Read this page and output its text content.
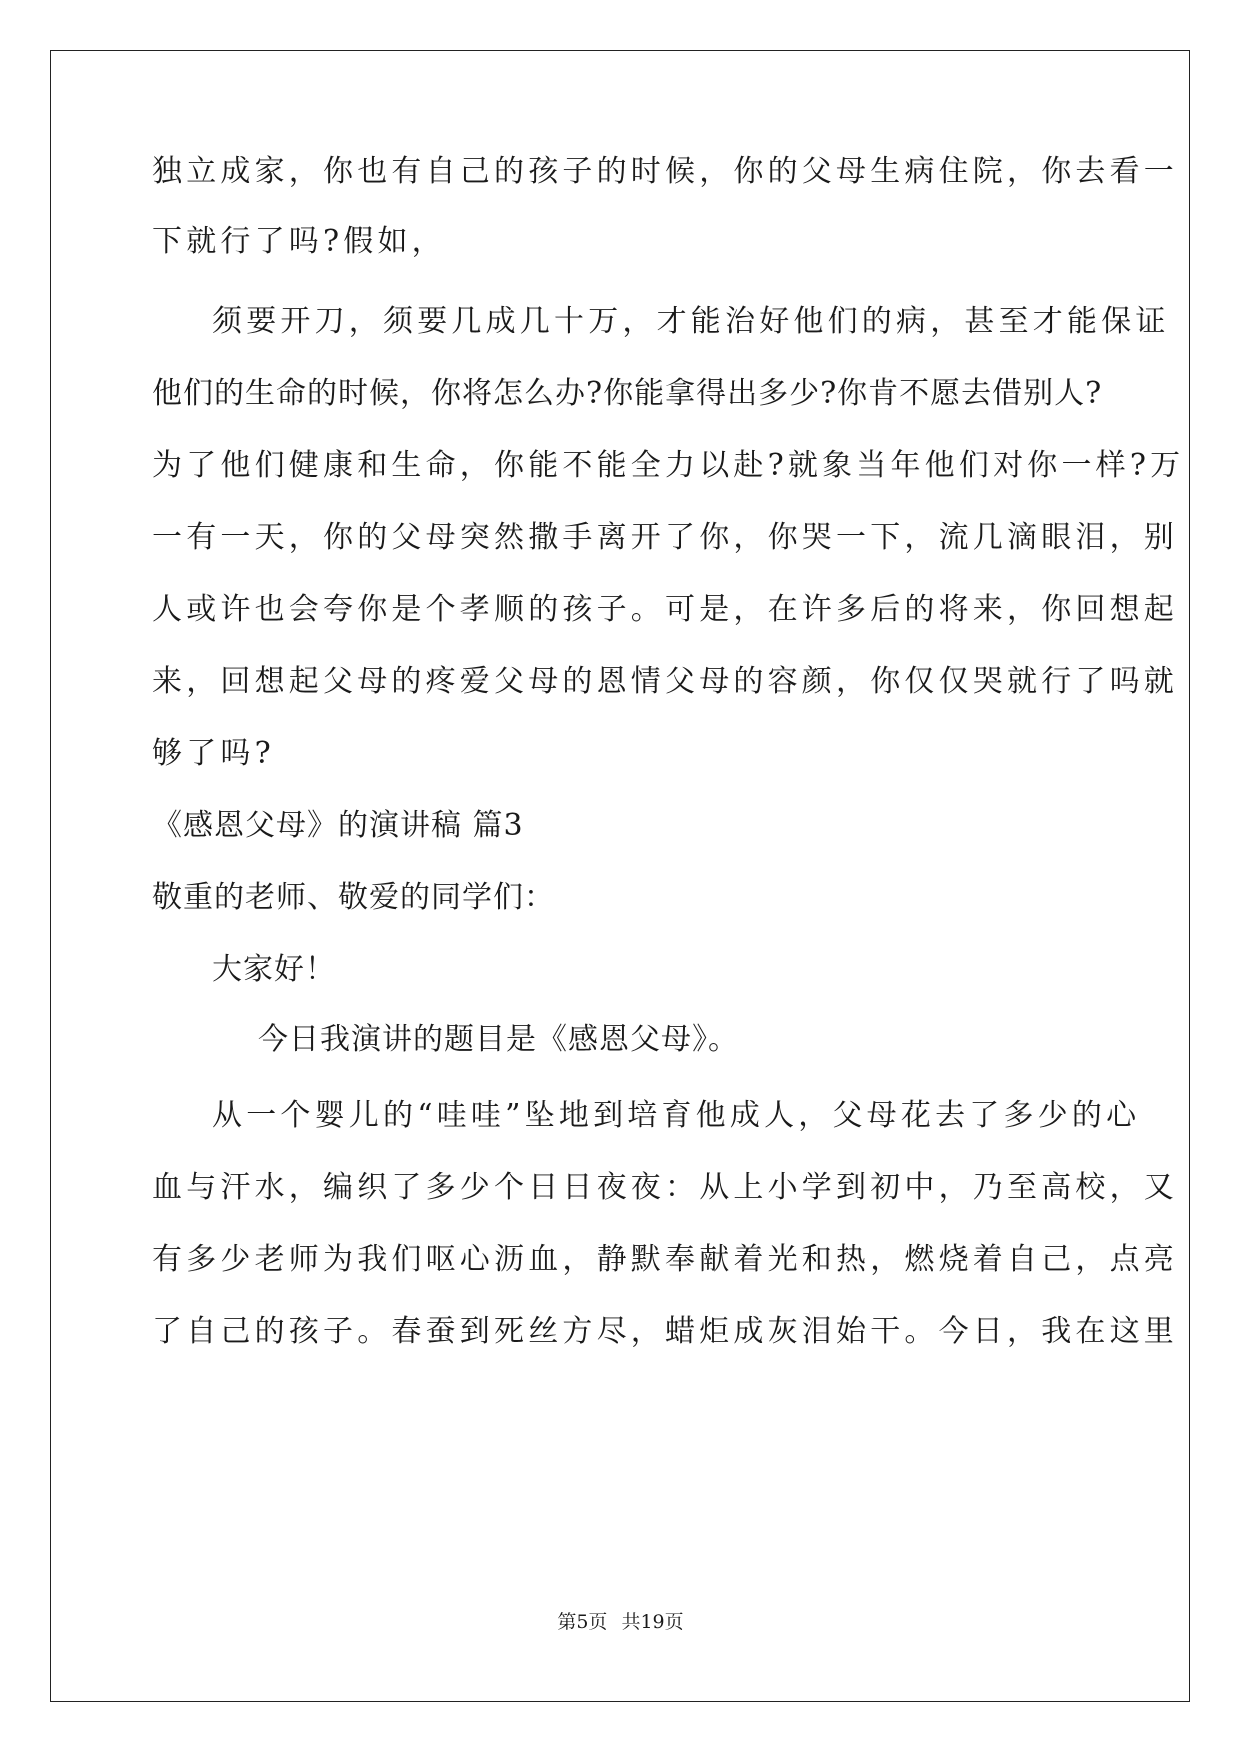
独立成家，你也有自己的孩子的时候，你的父母生病住院，你去看一
下就行了吗?假如，
须要开刀，须要几成几十万，才能治好他们的病，甚至才能保证
他们的生命的时候，你将怎么办?你能拿得出多少?你肯不愿去借别人?
为了他们健康和生命，你能不能全力以赴?就象当年他们对你一样?万
一有一天，你的父母突然撒手离开了你，你哭一下，流几滴眼泪，别
人或许也会夸你是个孝顺的孩子。可是，在许多后的将来，你回想起
来，回想起父母的疼爱父母的恩情父母的容颜，你仅仅哭就行了吗就
够了吗?
《感恩父母》的演讲稿 篇3
敬重的老师、敬爱的同学们：
大家好！
今日我演讲的题目是《感恩父母》。
从一个婴儿的“哇哇”坠地到培育他成人，父母花去了多少的心
血与汗水，编织了多少个日日夜夜：从上小学到初中，乃至高校，又
有多少老师为我们呕心沥血，静默奉献着光和热，燃烧着自己，点亮
了自己的孩子。春蚕到死丝方尽，蜡炬成灰泪始干。今日，我在这里
第5页 共19页
